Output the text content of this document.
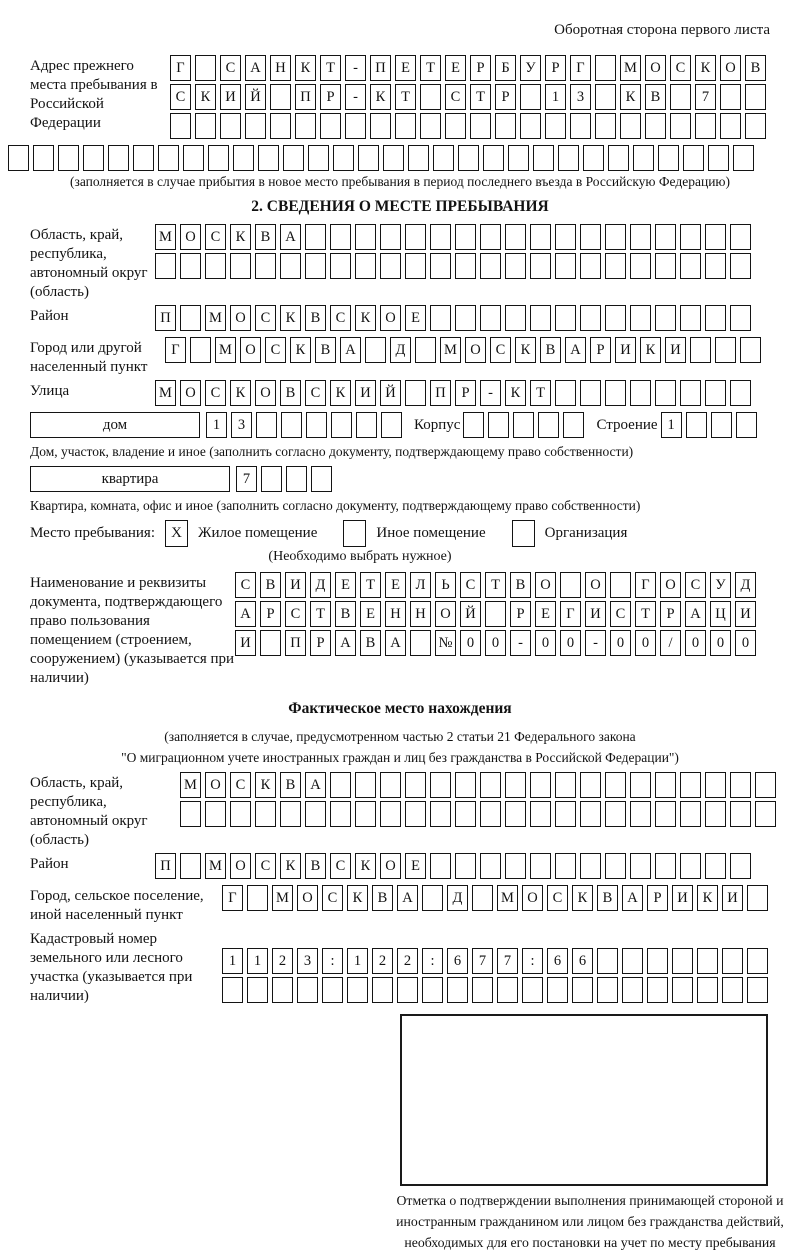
Оборотная сторона первого листа
Адрес прежнего места пребывания в Российской Федерации
Г	С	А	Н	К	Т	-	П	Е	Т	Е	Р	Б	У	Р	Г	М О	С	К	О	В
С	К	И	Й	П	Р	-	К	Т	С	Т	Р	1	3	К	В	7
(заполняется в случае прибытия в новое место пребывания в период последнего въезда в Российскую Федерацию)
2. СВЕДЕНИЯ О МЕСТЕ ПРЕБЫВАНИЯ
Область, край, республика, автономный округ (область)
М О	С	К	В	А
Район	П	М О	С	К	В	С	К	О	Е
Город или другой населенный пункт
Г	М О	С	К	В	А	Д	М О	С	К	В	А	Р	И	К	И
Улица	М О	С	К	О	В	С	К	И	Й	П	Р	-	К	Т
дом	1	3	Корпус	Строение 1
Дом, участок, владение и иное (заполнить согласно документу, подтверждающему право собственности)
квартира	7
Квартира, комната, офис и иное (заполнить согласно документу, подтверждающему право собственности)
Место пребывания:	X	Жилое помещение	Иное помещение	Организация
(Необходимо выбрать нужное)
Наименование и реквизиты документа, подтверждающего право пользования помещением (строением, сооружением) (указывается при наличии)
С	В	И	Д	Е	Т	Е	Л	Ь	С	Т	В	О	О	Г	О	С	У	Д
А	Р	С	Т	В	Е	Н	Н	О	Й	Р	Е	Г	И	С	Т	Р	А	Ц	И
И	П	Р	А	В	А	№ 0	0	-	0	0	-	0	0	/	0	0	0
Фактическое место нахождения
(заполняется в случае, предусмотренном частью 2 статьи 21 Федерального закона
"О миграционном учете иностранных граждан и лиц без гражданства в Российской Федерации")
Область, край, республика, автономный округ (область)
М О	С	К	В	А
Район	П	М О	С	К	В	С	К	О	Е
Город, сельское поселение, иной населенный пункт
Г	М О	С	К	В	А	Д	М О	С	К	В	А	Р	И	К	И
Кадастровый номер земельного или лесного участка (указывается при наличии)
1	1	2	3	:	1	2	2	:	6	7	7	:	6	6
Отметка о подтверждении выполнения принимающей стороной и иностранным гражданином или лицом без гражданства действий, необходимых для его постановки на учет по месту пребывания
